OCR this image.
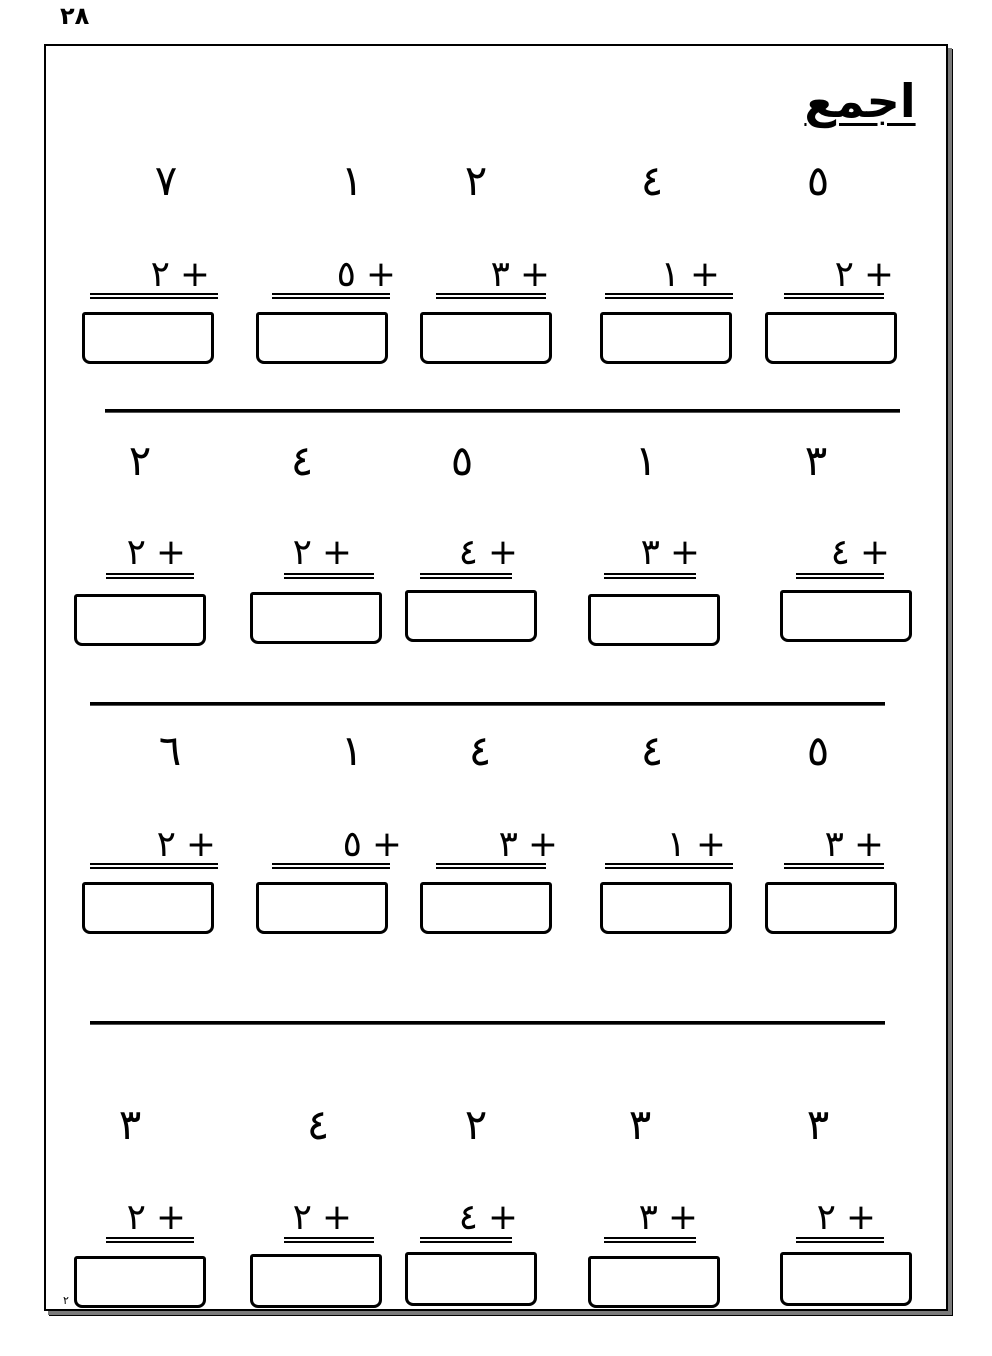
٢٨
اجمع
٧	١	٢	٤	٥
٢ +	٥ +	٣ +	١ +	٢ +
٢	٤	٥	١	٣
٢ +	٢ +	٤ +	٣ +	٤ +
٦	١	٤	٤	٥
٢ +	٥ +	٣ +	١ +	٣ +
٣	٤	٢	٣	٣
٢ +	٢ +	٤ +	٣ +	٢ +
٢
